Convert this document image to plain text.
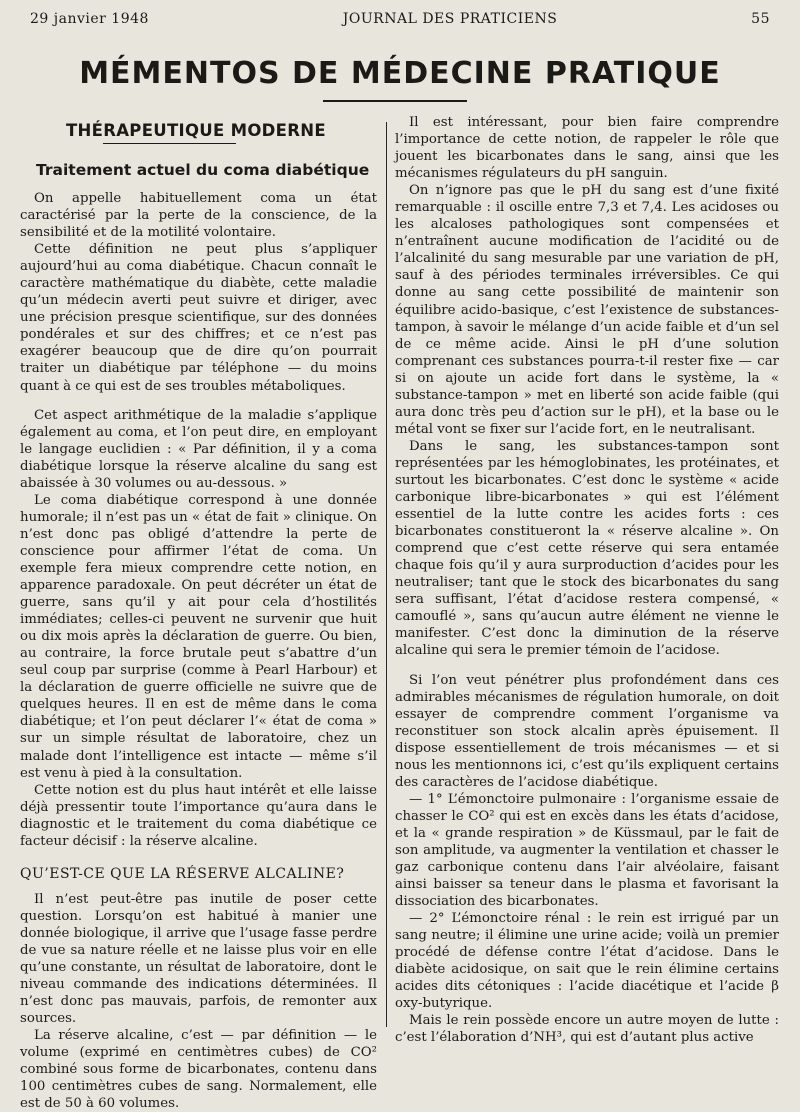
29 janvier 1948	JOURNAL DES PRATICIENS	55
MÉMENTOS DE MÉDECINE PRATIQUE
THÉRAPEUTIQUE MODERNE
Traitement actuel du coma diabétique

On appelle habituellement coma un état caractérisé par la perte de la conscience, de la sensibilité et de la motilité volontaire.

Cette définition ne peut plus s’appliquer aujourd’hui au coma diabétique. Chacun connaît le caractère mathématique du diabète, cette maladie qu’un médecin averti peut suivre et diriger, avec une précision presque scientifique, sur des données pondérales et sur des chiffres; et ce n’est pas exagérer beaucoup que de dire qu’on pourrait traiter un diabétique par téléphone — du moins quant à ce qui est de ses troubles métaboliques.

Cet aspect arithmétique de la maladie s’applique également au coma, et l’on peut dire, en employant le langage euclidien : « Par définition, il y a coma diabétique lorsque la réserve alcaline du sang est abaissée à 30 volumes ou au-dessous. »

Le coma diabétique correspond à une donnée humorale; il n’est pas un « état de fait » clinique. On n’est donc pas obligé d’attendre la perte de conscience pour affirmer l’état de coma. Un exemple fera mieux comprendre cette notion, en apparence paradoxale. On peut décréter un état de guerre, sans qu’il y ait pour cela d’hostilités immédiates; celles-ci peuvent ne survenir que huit ou dix mois après la déclaration de guerre. Ou bien, au contraire, la force brutale peut s’abattre d’un seul coup par surprise (comme à Pearl Harbour) et la déclaration de guerre officielle ne suivre que de quelques heures. Il en est de même dans le coma diabétique; et l’on peut déclarer l’« état de coma » sur un simple résultat de laboratoire, chez un malade dont l’intelligence est intacte — même s’il est venu à pied à la consultation.

Cette notion est du plus haut intérêt et elle laisse déjà pressentir toute l’importance qu’aura dans le diagnostic et le traitement du coma diabétique ce facteur décisif : la réserve alcaline.

QU’EST-CE QUE LA RÉSERVE ALCALINE?

Il n’est peut-être pas inutile de poser cette question. Lorsqu’on est habitué à manier une donnée biologique, il arrive que l’usage fasse perdre de vue sa nature réelle et ne laisse plus voir en elle qu’une constante, un résultat de laboratoire, dont le niveau commande des indications déterminées. Il n’est donc pas mauvais, parfois, de remonter aux sources.

La réserve alcaline, c’est — par définition — le volume (exprimé en centimètres cubes) de CO² combiné sous forme de bicarbonates, contenu dans 100 centimètres cubes de sang. Normalement, elle est de 50 à 60 volumes.

Il est intéressant, pour bien faire comprendre l’importance de cette notion, de rappeler le rôle que jouent les bicarbonates dans le sang, ainsi que les mécanismes régulateurs du pH sanguin.

On n’ignore pas que le pH du sang est d’une fixité remarquable : il oscille entre 7,3 et 7,4. Les acidoses ou les alcaloses pathologiques sont compensées et n’entraînent aucune modification de l’acidité ou de l’alcalinité du sang mesurable par une variation de pH, sauf à des périodes terminales irréversibles. Ce qui donne au sang cette possibilité de maintenir son équilibre acido-basique, c’est l’existence de substances-tampon, à savoir le mélange d’un acide faible et d’un sel de ce même acide. Ainsi le pH d’une solution comprenant ces substances pourra-t-il rester fixe — car si on ajoute un acide fort dans le système, la « substance-tampon » met en liberté son acide faible (qui aura donc très peu d’action sur le pH), et la base ou le métal vont se fixer sur l’acide fort, en le neutralisant.

Dans le sang, les substances-tampon sont représentées par les hémoglobinates, les protéinates, et surtout les bicarbonates. C’est donc le système « acide carbonique libre-bicarbonates » qui est l’élément essentiel de la lutte contre les acides forts : ces bicarbonates constitueront la « réserve alcaline ». On comprend que c’est cette réserve qui sera entamée chaque fois qu’il y aura surproduction d’acides pour les neutraliser; tant que le stock des bicarbonates du sang sera suffisant, l’état d’acidose restera compensé, « camouflé », sans qu’aucun autre élément ne vienne le manifester. C’est donc la diminution de la réserve alcaline qui sera le premier témoin de l’acidose.

Si l’on veut pénétrer plus profondément dans ces admirables mécanismes de régulation humorale, on doit essayer de comprendre comment l’organisme va reconstituer son stock alcalin après épuisement. Il dispose essentiellement de trois mécanismes — et si nous les mentionnons ici, c’est qu’ils expliquent certains des caractères de l’acidose diabétique.

— 1° L’émonctoire pulmonaire : l’organisme essaie de chasser le CO² qui est en excès dans les états d’acidose, et la « grande respiration » de Küssmaul, par le fait de son amplitude, va augmenter la ventilation et chasser le gaz carbonique contenu dans l’air alvéolaire, faisant ainsi baisser sa teneur dans le plasma et favorisant la dissociation des bicarbonates.

— 2° L’émonctoire rénal : le rein est irrigué par un sang neutre; il élimine une urine acide; voilà un premier procédé de défense contre l’état d’acidose. Dans le diabète acidosique, on sait que le rein élimine certains acides dits cétoniques : l’acide diacétique et l’acide β oxy-butyrique.

Mais le rein possède encore un autre moyen de lutte : c’est l’élaboration d’NH³, qui est d’autant plus active
